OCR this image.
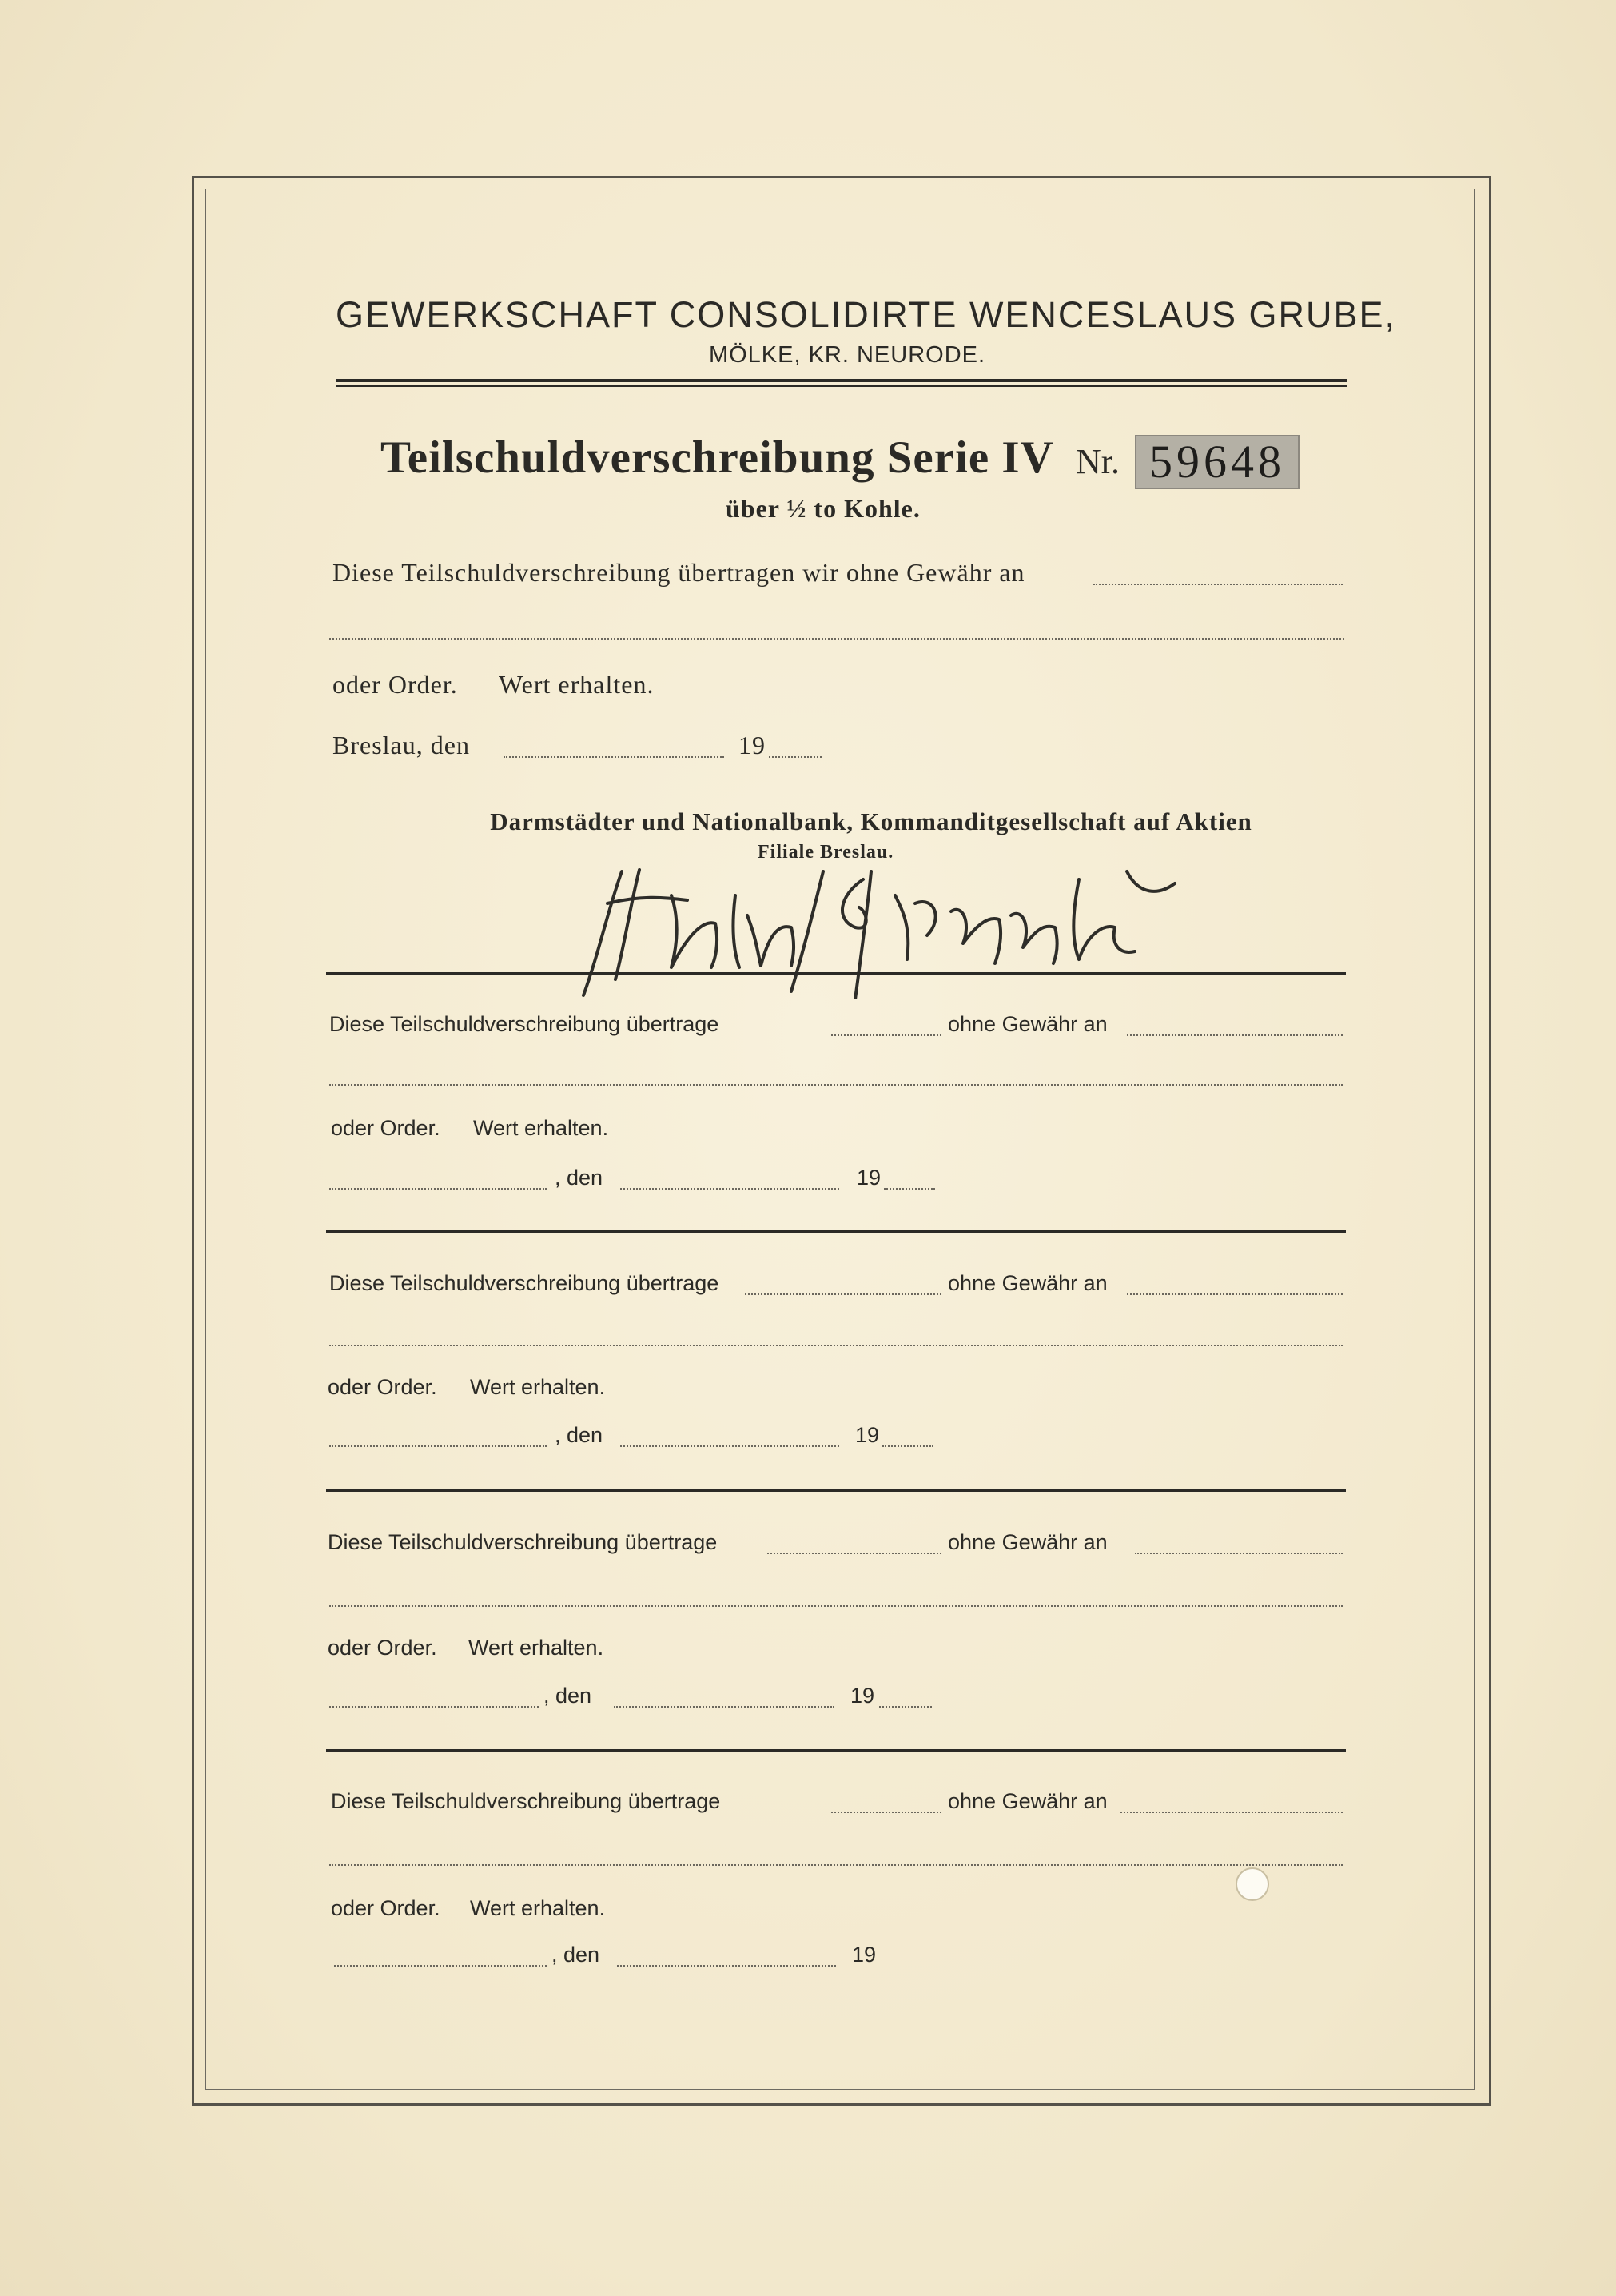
GEWERKSCHAFT CONSOLIDIRTE WENCESLAUS GRUBE,
MÖLKE, KR. NEURODE.
Teilschuldverschreibung Serie IV Nr. 59648
über ½ to Kohle.
Diese Teilschuldverschreibung übertragen wir ohne Gewähr an
oder Order. Wert erhalten.
Breslau, den	19
Darmstädter und Nationalbank, Kommanditgesellschaft auf Aktien
Filiale Breslau.
Diese Teilschuldverschreibung übertrage	ohne Gewähr an
oder Order. Wert erhalten.
, den	19
Diese Teilschuldverschreibung übertrage	ohne Gewähr an
oder Order. Wert erhalten.
, den	19
Diese Teilschuldverschreibung übertrage	ohne Gewähr an
oder Order. Wert erhalten.
, den	19
Diese Teilschuldverschreibung übertrage	ohne Gewähr an
oder Order. Wert erhalten.
, den	19
